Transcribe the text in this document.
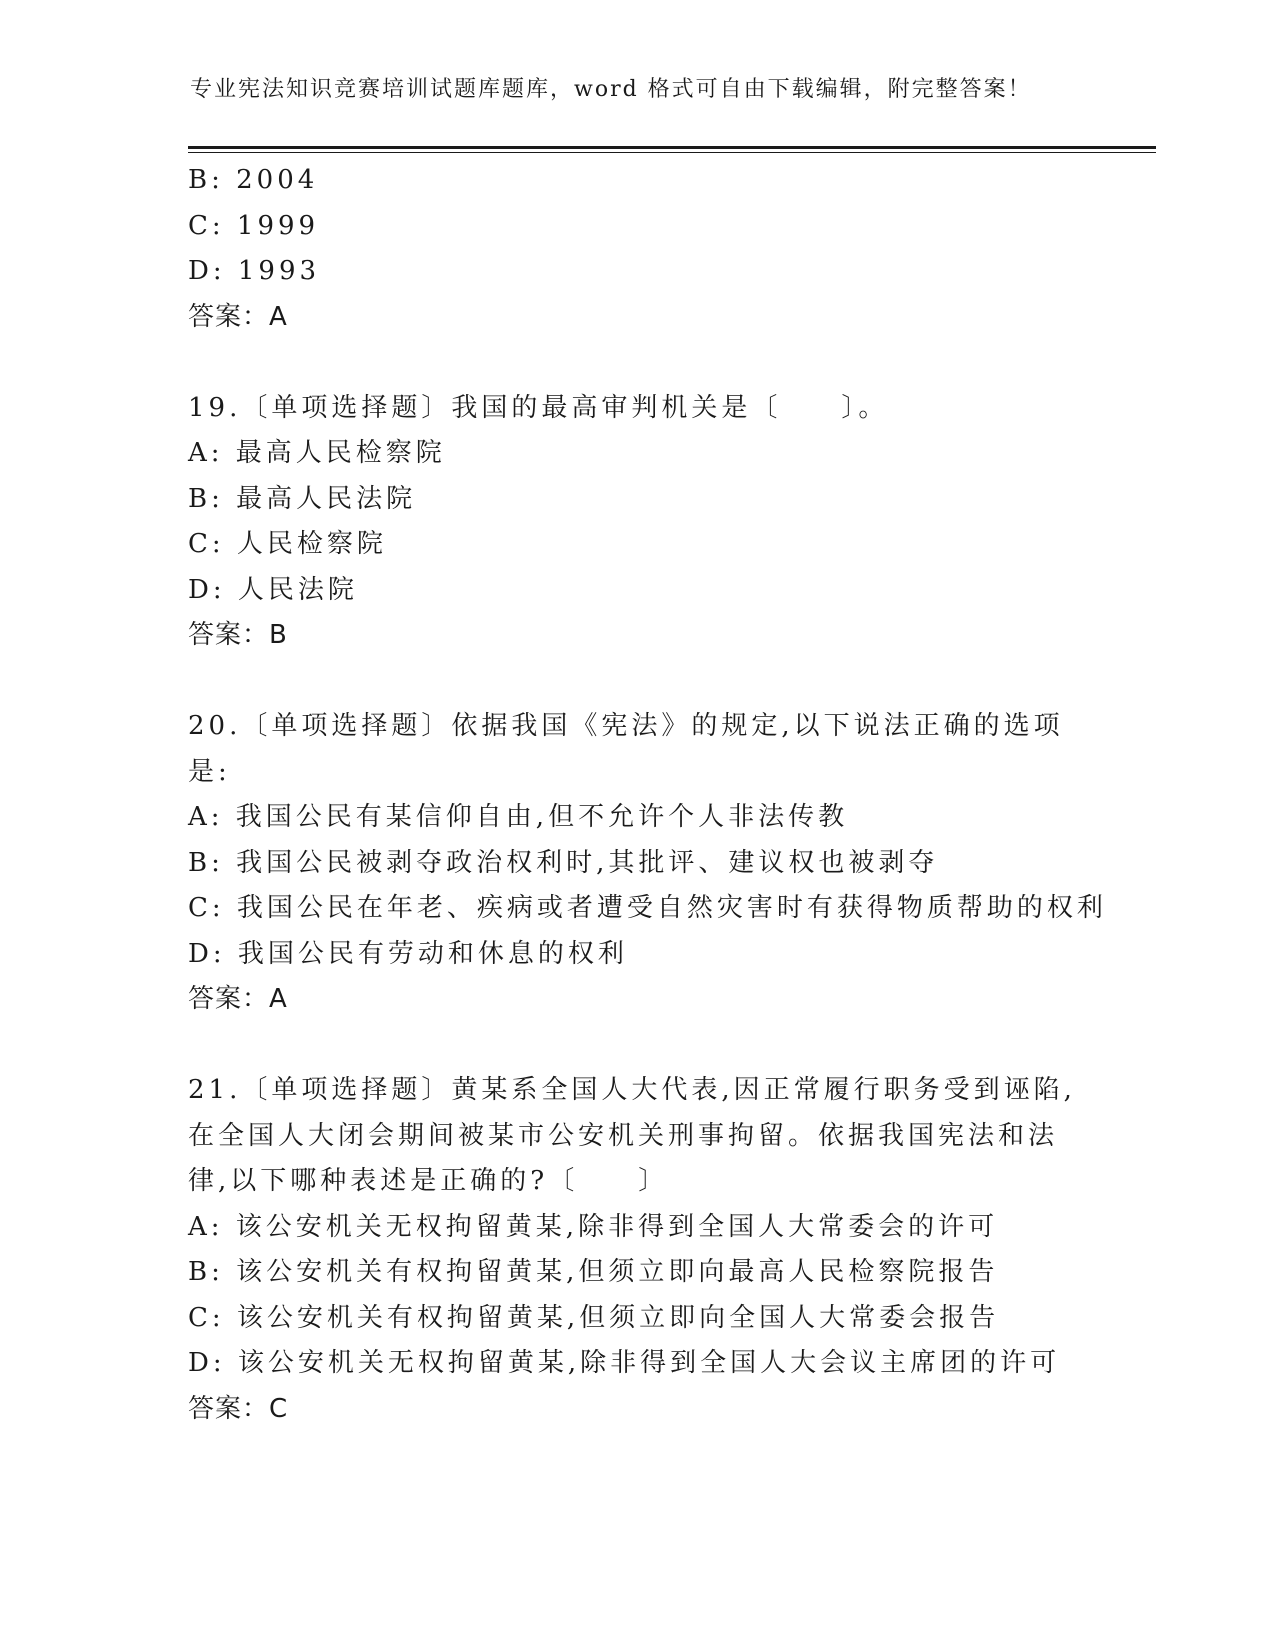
专业宪法知识竞赛培训试题库题库，word 格式可自由下载编辑，附完整答案！
B: 2004
C: 1999
D: 1993
答案：A
19.〔单项选择题〕我国的最高审判机关是〔　　〕。
A: 最高人民检察院
B: 最高人民法院
C: 人民检察院
D: 人民法院
答案：B
20.〔单项选择题〕依据我国《宪法》的规定,以下说法正确的选项是:
A: 我国公民有某信仰自由,但不允许个人非法传教
B: 我国公民被剥夺政治权利时,其批评、建议权也被剥夺
C: 我国公民在年老、疾病或者遭受自然灾害时有获得物质帮助的权利
D: 我国公民有劳动和休息的权利
答案：A
21.〔单项选择题〕黄某系全国人大代表,因正常履行职务受到诬陷,在全国人大闭会期间被某市公安机关刑事拘留。依据我国宪法和法律,以下哪种表述是正确的?〔　　〕
A: 该公安机关无权拘留黄某,除非得到全国人大常委会的许可
B: 该公安机关有权拘留黄某,但须立即向最高人民检察院报告
C: 该公安机关有权拘留黄某,但须立即向全国人大常委会报告
D: 该公安机关无权拘留黄某,除非得到全国人大会议主席团的许可
答案：C
